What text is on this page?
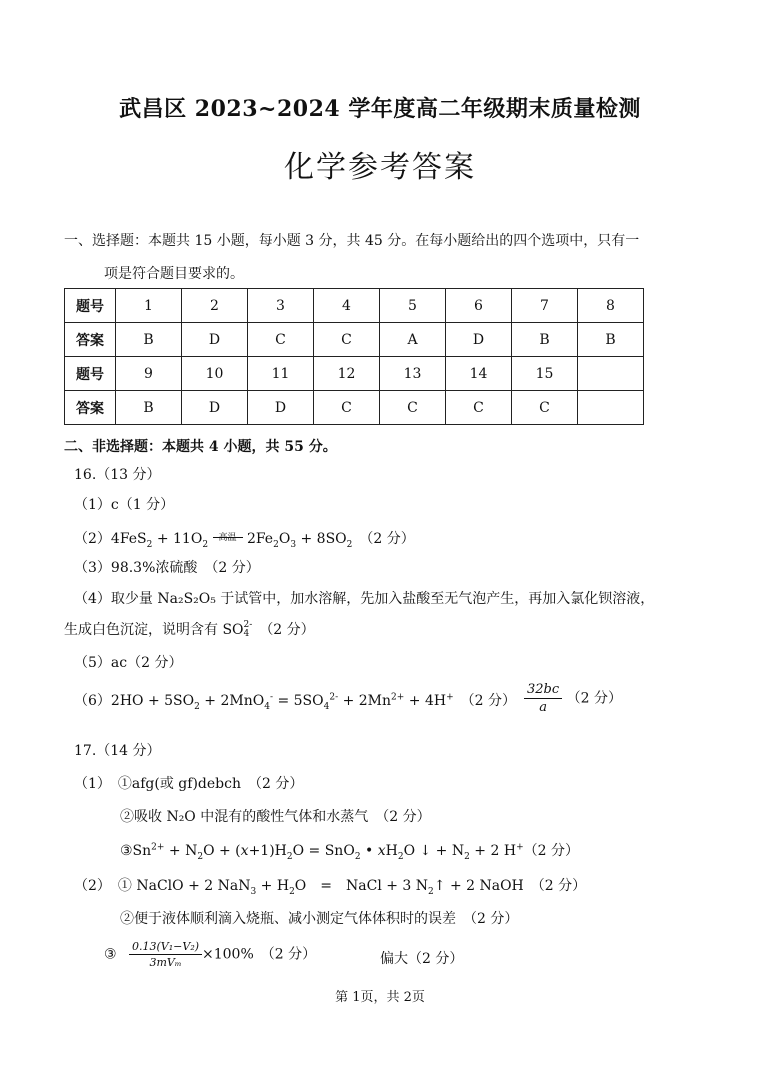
武昌区 2023~2024 学年度高二年级期末质量检测
化学参考答案
一、选择题：本题共 15 小题，每小题 3 分，共 45 分。在每小题给出的四个选项中，只有一
项是符合题目要求的。
题号	1	2	3	4	5	6	7	8
答案	B	D	C	C	A	D	B	B
题号	9	10	11	12	13	14	15	
答案	B	D	D	C	C	C	C	
二、非选择题：本题共 4 小题，共 55 分。
16.（13 分）
（1）c（1 分）
$(2)4FeS_2 + 11O_2$
高温 $2Fe_2O_3 + 8SO_2$　 （2 分）
（3）98.3%浓硫酸　（2 分）
（4）取少量 Na₂S₂O₅ 于试管中，加水溶解，先加入盐酸至无气泡产生，再加入氯化钡溶液，
生成白色沉淀，说明含有 SO2-
4　 （2 分）
（5）ac（2 分）
$(6)2HO + 5SO_2 + 2MnO_4^- = 5SO_4^{2-} + 2Mn^{2+} + 4H^+$　 （2 分） $\frac{32bc}{a} (2$ 分）
17.（14 分）
（1）　①afg(或 gf)debch　（2 分）
②吸收 N₂O 中混有的酸性气体和水蒸气　（2 分）
$③Sn^{2+} + N_2O + (x+1)H_2O = SnO_2$ • $xH_2O$ ↓ + $N_2 + 2$ H+（2 分）
（2）　① NaClO + 2 $NaN_3 + H_2O$　=　NaCl + 3 $N_2↑ + 2$ NaOH　（2 分）
②便于液体顺利滴入烧瓶、减小测定气体体积时的误差　（2 分）
③ $\frac{\text{0.13(V₁−V₂)}}{\text{3mVₘ}} \times 100\%$　（2 分）	偏大（2 分）
第 1页，共 2页
